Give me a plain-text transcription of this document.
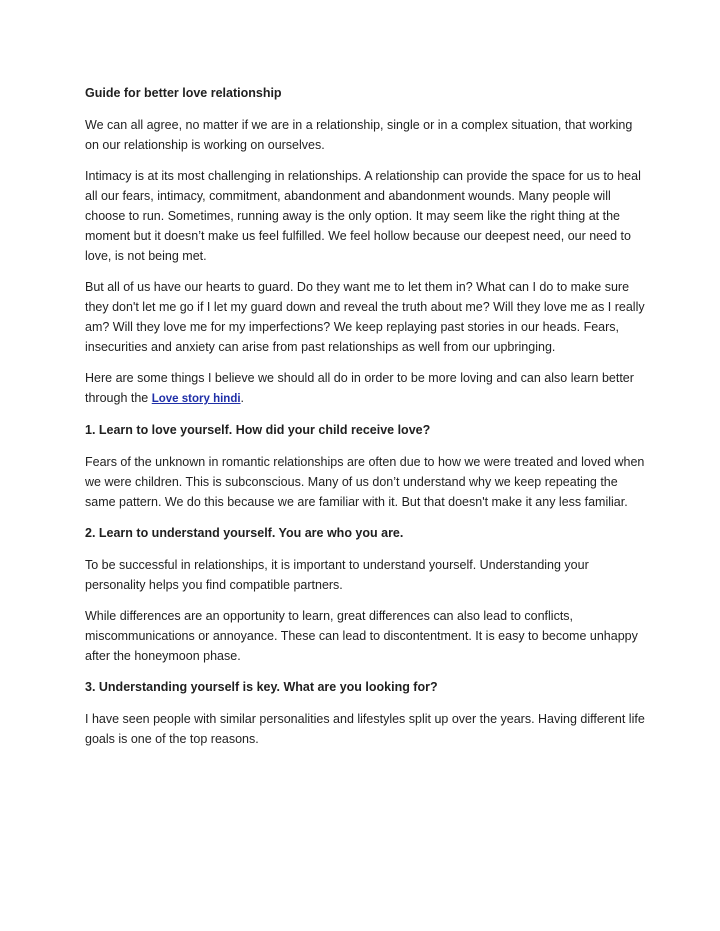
Guide for better love relationship

We can all agree, no matter if we are in a relationship, single or in a complex situation, that working on our relationship is working on ourselves.

Intimacy is at its most challenging in relationships. A relationship can provide the space for us to heal all our fears, intimacy, commitment, abandonment and abandonment wounds. Many people will choose to run. Sometimes, running away is the only option. It may seem like the right thing at the moment but it doesn’t make us feel fulfilled. We feel hollow because our deepest need, our need to love, is not being met.

But all of us have our hearts to guard. Do they want me to let them in? What can I do to make sure they don't let me go if I let my guard down and reveal the truth about me? Will they love me as I really am? Will they love me for my imperfections? We keep replaying past stories in our heads. Fears, insecurities and anxiety can arise from past relationships as well from our upbringing.

Here are some things I believe we should all do in order to be more loving and can also learn better through the Love story hindi.

1. Learn to love yourself. How did your child receive love?

Fears of the unknown in romantic relationships are often due to how we were treated and loved when we were children. This is subconscious. Many of us don’t understand why we keep repeating the same pattern. We do this because we are familiar with it. But that doesn't make it any less familiar.

2. Learn to understand yourself. You are who you are.

To be successful in relationships, it is important to understand yourself. Understanding your personality helps you find compatible partners.

While differences are an opportunity to learn, great differences can also lead to conflicts, miscommunications or annoyance. These can lead to discontentment. It is easy to become unhappy after the honeymoon phase.

3. Understanding yourself is key. What are you looking for?

I have seen people with similar personalities and lifestyles split up over the years. Having different life goals is one of the top reasons.
